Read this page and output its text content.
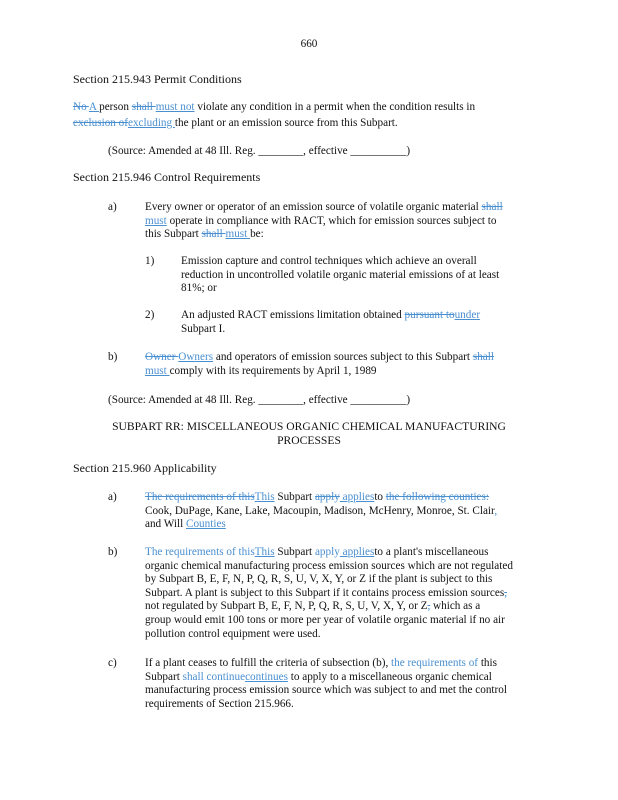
660
Section 215.943 Permit Conditions
No A person shall must not violate any condition in a permit when the condition results in
exclusion ofexcluding the plant or an emission source from this Subpart.
(Source: Amended at 48 Ill. Reg. ________, effective __________)
Section 215.946 Control Requirements
a)	Every owner or operator of an emission source of volatile organic material shall
must operate in compliance with RACT, which for emission sources subject to
this Subpart shall must be:
1) Emission capture and control techniques which achieve an overall
reduction in uncontrolled volatile organic material emissions of at least
81%; or
2) An adjusted RACT emissions limitation obtained pursuant tounder
Subpart I.
b) Owner Owners and operators of emission sources subject to this Subpart shall
must comply with its requirements by April 1, 1989
(Source: Amended at 48 Ill. Reg. ________, effective __________)
SUBPART RR: MISCELLANEOUS ORGANIC CHEMICAL MANUFACTURING
PROCESSES
Section 215.960 Applicability
a)	The requirements of thisThis Subpart apply appliesto the following counties:
Cook, DuPage, Kane, Lake, Macoupin, Madison, McHenry, Monroe, St. Clair,
and Will Counties
b) The requirements of thisThis Subpart apply appliesto a plant's miscellaneous
organic chemical manufacturing process emission sources which are not regulated
by Subpart B, E, F, N, P, Q, R, S, U, V, X, Y, or Z if the plant is subject to this
Subpart. A plant is subject to this Subpart if it contains process emission sources,
not regulated by Subpart B, E, F, N, P, Q, R, S, U, V, X, Y, or Z, which as a
group would emit 100 tons or more per year of volatile organic material if no air
pollution control equipment were used.
c)	If a plant ceases to fulfill the criteria of subsection (b), the requirements of this
Subpart shall continuecontinues to apply to a miscellaneous organic chemical
manufacturing process emission source which was subject to and met the control
requirements of Section 215.966.
